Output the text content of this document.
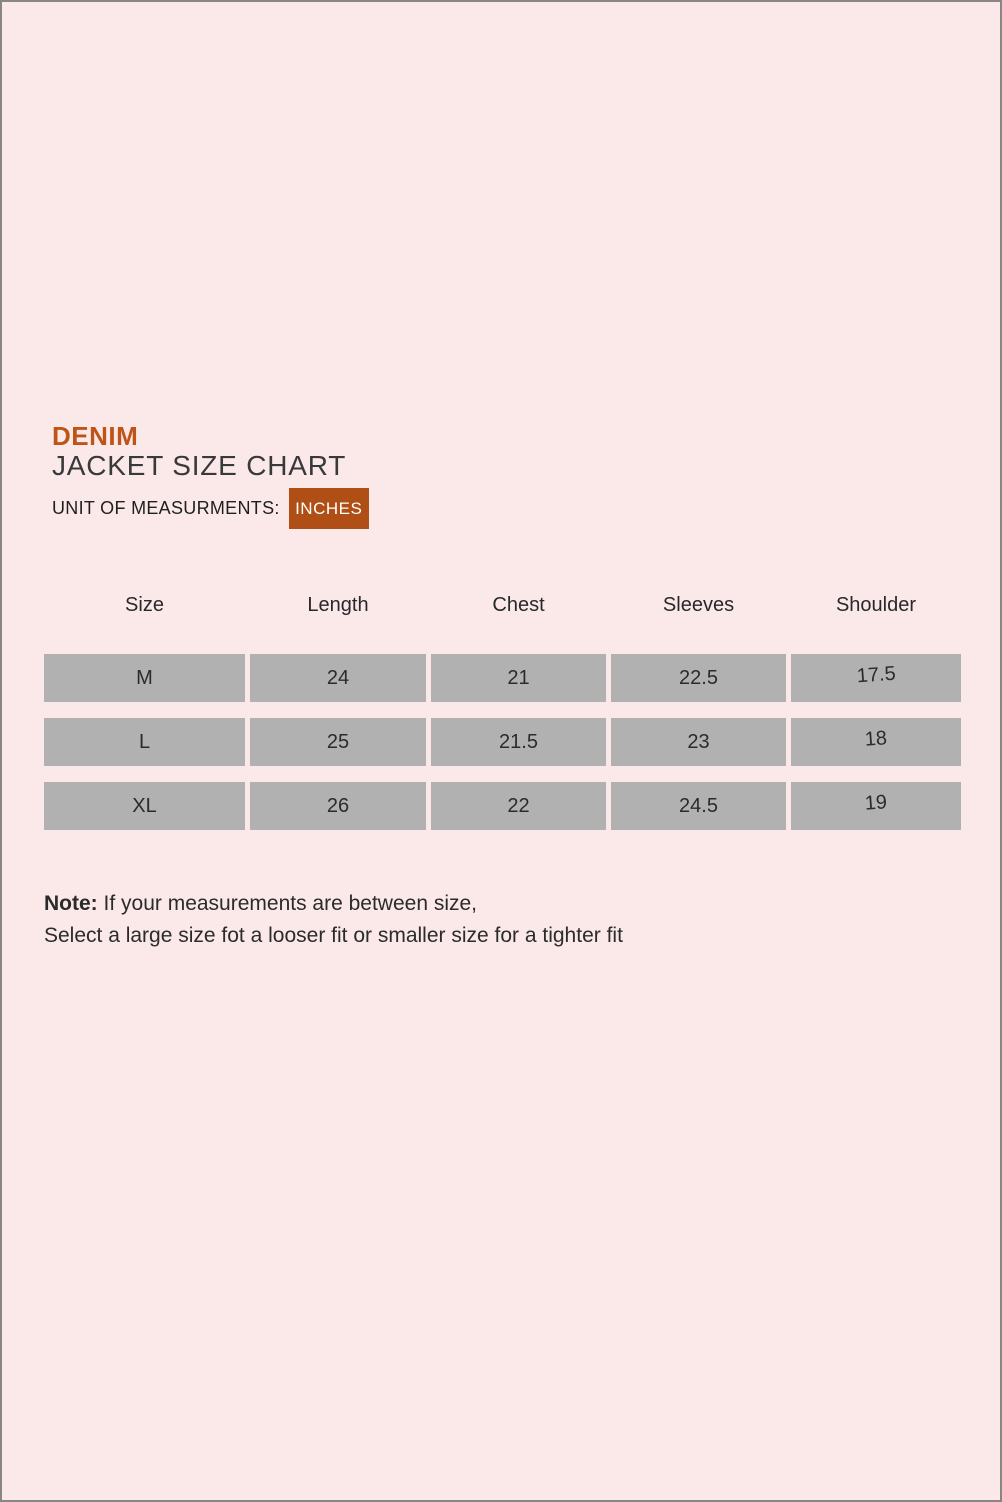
DENIM
JACKET SIZE CHART
UNIT OF MEASURMENTS: INCHES
Size	Length	Chest	Sleeves	Shoulder
M	24	21	22.5	17.5
L	25	21.5	23	18
XL	26	22	24.5	19
Note: If your measurements are between size,
Select a large size fot a looser fit or smaller size for a tighter fit
